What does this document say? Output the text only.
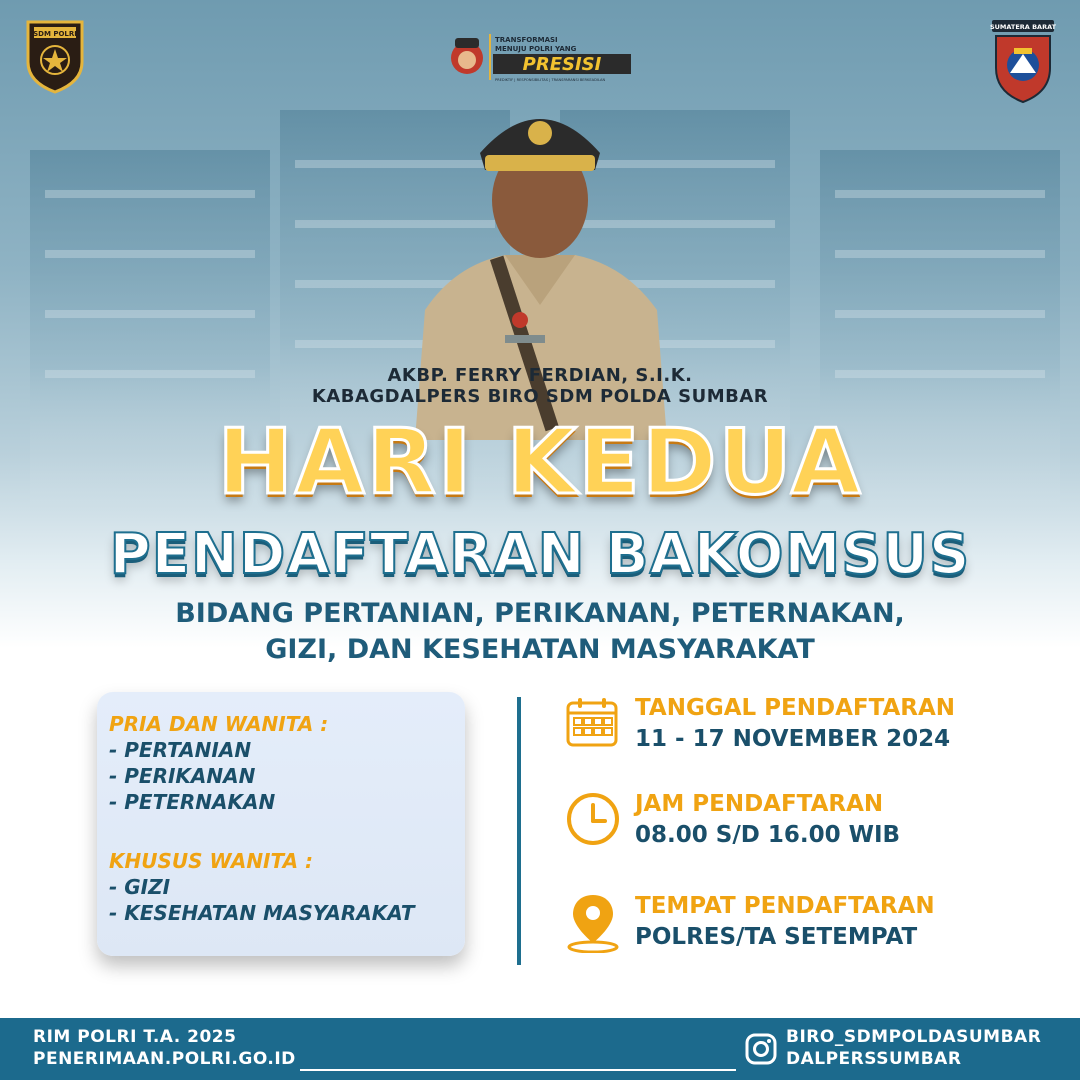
SDM POLRI
TRANSFORMASI
MENUJU POLRI YANG
PRESISI
PREDIKTIF | RESPONSIBILITAS | TRANSPARANSI BERKEADILAN
SUMATERA BARAT
AKBP. FERRY FERDIAN, S.I.K.
KABAGDALPERS BIRO SDM POLDA SUMBAR
HARI KEDUA
PENDAFTARAN BAKOMSUS
BIDANG PERTANIAN, PERIKANAN, PETERNAKAN,
GIZI, DAN KESEHATAN MASYARAKAT
PRIA DAN WANITA :
- PERTANIAN
- PERIKANAN
- PETERNAKAN
KHUSUS WANITA :
- GIZI
- KESEHATAN MASYARAKAT
TANGGAL PENDAFTARAN
11 - 17 NOVEMBER 2024
JAM PENDAFTARAN
08.00 S/D 16.00 WIB
TEMPAT PENDAFTARAN
POLRES/TA SETEMPAT
RIM POLRI T.A. 2025
PENERIMAAN.POLRI.GO.ID
BIRO_SDMPOLDASUMBAR
DALPERSSUMBAR
